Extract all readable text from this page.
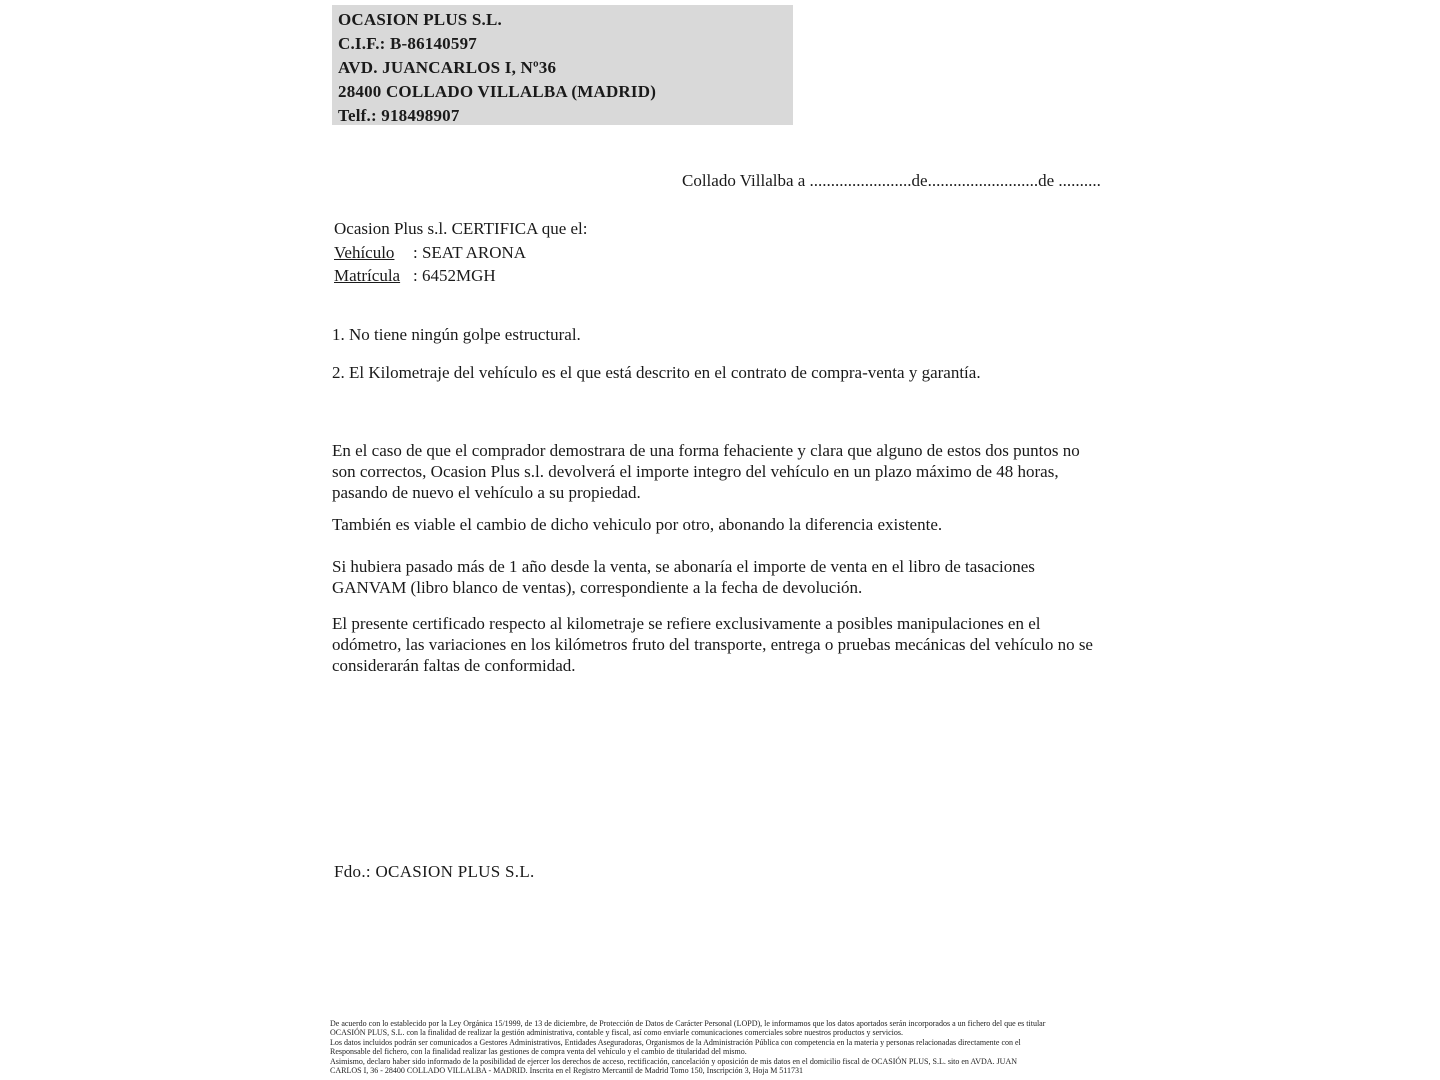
OCASION PLUS S.L.
C.I.F.: B-86140597
AVD. JUANCARLOS I, Nº36
28400 COLLADO VILLALBA (MADRID)
Telf.: 918498907
Collado Villalba a ........................de..........................de ..........
Ocasion Plus s.l. CERTIFICA que el:
Vehículo : SEAT ARONA
Matrícula : 6452MGH
1. No tiene ningún golpe estructural.
2. El Kilometraje del vehículo es el que está descrito en el contrato de compra-venta y garantía.
En el caso de que el comprador demostrara de una forma fehaciente y clara que alguno de estos dos puntos no son correctos, Ocasion Plus s.l. devolverá el importe integro del vehículo en un plazo máximo de 48 horas, pasando de nuevo el vehículo a su propiedad.
También es viable el cambio de dicho vehiculo por otro, abonando la diferencia existente.
Si hubiera pasado más de 1 año desde la venta, se abonaría el importe de venta en el libro de tasaciones GANVAM (libro blanco de ventas), correspondiente a la fecha de devolución.
El presente certificado respecto al kilometraje se refiere exclusivamente a posibles manipulaciones en el odómetro, las variaciones en los kilómetros fruto del transporte, entrega o pruebas mecánicas del vehículo no se considerarán faltas de conformidad.
Fdo.: OCASION PLUS S.L.
De acuerdo con lo establecido por la Ley Orgánica 15/1999, de 13 de diciembre, de Protección de Datos de Carácter Personal (LOPD), le informamos que los datos aportados serán incorporados a un fichero del que es titular
OCASIÓN PLUS, S.L. con la finalidad de realizar la gestión administrativa, contable y fiscal, así como enviarle comunicaciones comerciales sobre nuestros productos y servicios.
Los datos incluidos podrán ser comunicados a Gestores Administrativos, Entidades Aseguradoras, Organismos de la Administración Pública con competencia en la materia y personas relacionadas directamente con el
Responsable del fichero, con la finalidad realizar las gestiones de compra venta del vehículo y el cambio de titularidad del mismo.
Asimismo, declaro haber sido informado de la posibilidad de ejercer los derechos de acceso, rectificación, cancelación y oposición de mis datos en el domicilio fiscal de OCASIÓN PLUS, S.L. sito en AVDA. JUAN
CARLOS I, 36 - 28400 COLLADO VILLALBA - MADRID. Inscrita en el Registro Mercantil de Madrid Tomo 150, Inscripción 3, Hoja M 511731
